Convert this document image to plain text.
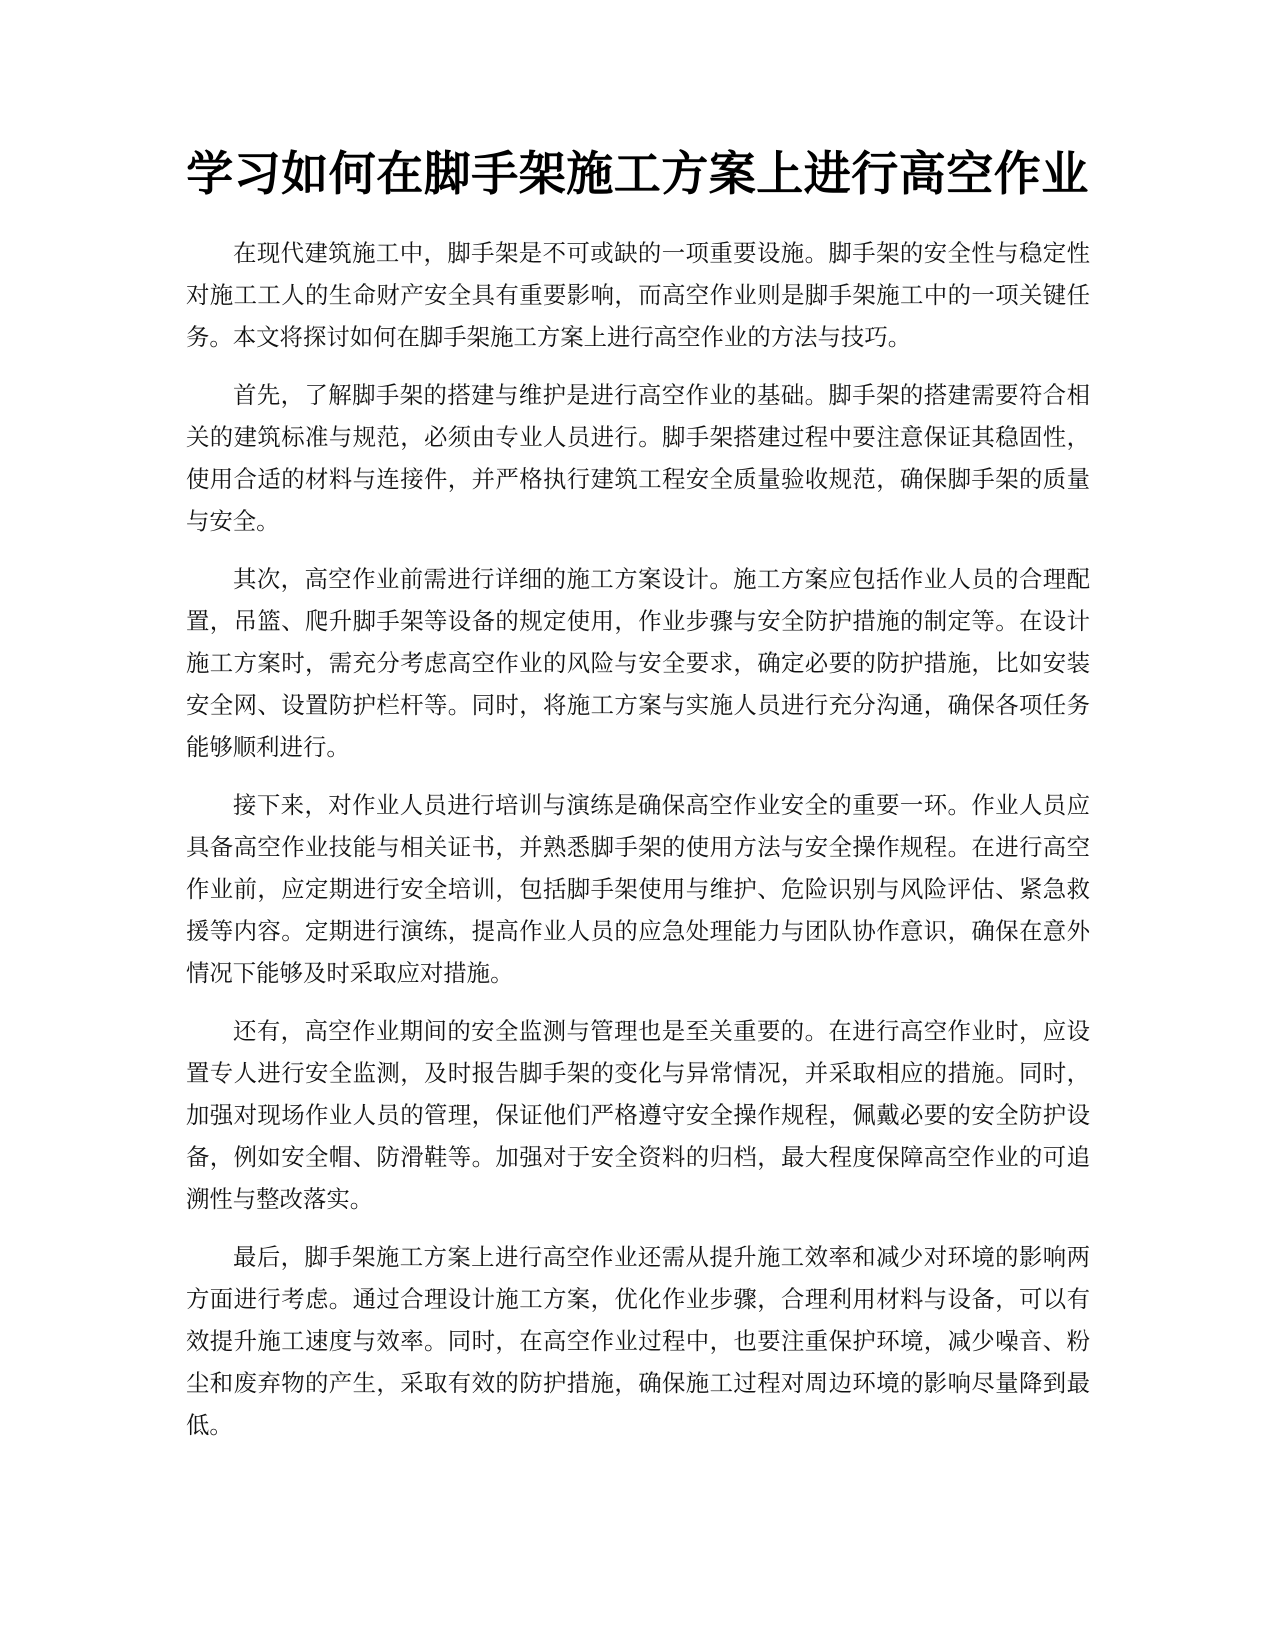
学习如何在脚手架施工方案上进行高空作业

在现代建筑施工中，脚手架是不可或缺的一项重要设施。脚手架的安全性与稳定性对施工工人的生命财产安全具有重要影响，而高空作业则是脚手架施工中的一项关键任务。本文将探讨如何在脚手架施工方案上进行高空作业的方法与技巧。

首先，了解脚手架的搭建与维护是进行高空作业的基础。脚手架的搭建需要符合相关的建筑标准与规范，必须由专业人员进行。脚手架搭建过程中要注意保证其稳固性，使用合适的材料与连接件，并严格执行建筑工程安全质量验收规范，确保脚手架的质量与安全。

其次，高空作业前需进行详细的施工方案设计。施工方案应包括作业人员的合理配置，吊篮、爬升脚手架等设备的规定使用，作业步骤与安全防护措施的制定等。在设计施工方案时，需充分考虑高空作业的风险与安全要求，确定必要的防护措施，比如安装安全网、设置防护栏杆等。同时，将施工方案与实施人员进行充分沟通，确保各项任务能够顺利进行。

接下来，对作业人员进行培训与演练是确保高空作业安全的重要一环。作业人员应具备高空作业技能与相关证书，并熟悉脚手架的使用方法与安全操作规程。在进行高空作业前，应定期进行安全培训，包括脚手架使用与维护、危险识别与风险评估、紧急救援等内容。定期进行演练，提高作业人员的应急处理能力与团队协作意识，确保在意外情况下能够及时采取应对措施。

还有，高空作业期间的安全监测与管理也是至关重要的。在进行高空作业时，应设置专人进行安全监测，及时报告脚手架的变化与异常情况，并采取相应的措施。同时，加强对现场作业人员的管理，保证他们严格遵守安全操作规程，佩戴必要的安全防护设备，例如安全帽、防滑鞋等。加强对于安全资料的归档，最大程度保障高空作业的可追溯性与整改落实。

最后，脚手架施工方案上进行高空作业还需从提升施工效率和减少对环境的影响两方面进行考虑。通过合理设计施工方案，优化作业步骤，合理利用材料与设备，可以有效提升施工速度与效率。同时，在高空作业过程中，也要注重保护环境，减少噪音、粉尘和废弃物的产生，采取有效的防护措施，确保施工过程对周边环境的影响尽量降到最低。
